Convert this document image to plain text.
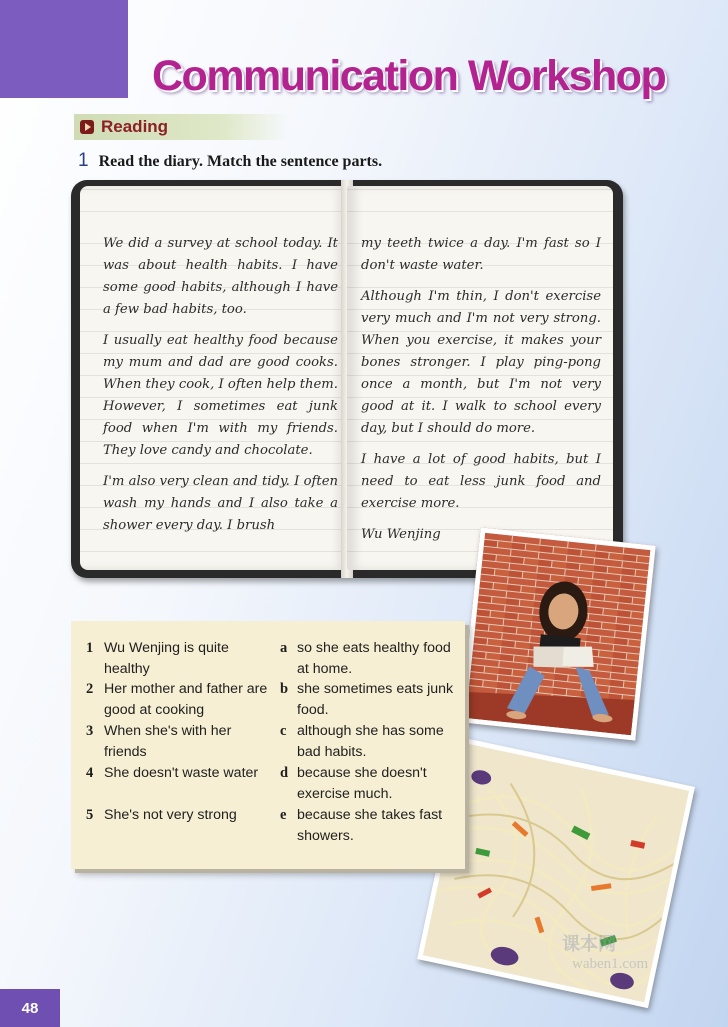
Communication Workshop
Reading
1 Read the diary. Match the sentence parts.

We did a survey at school today. It was about health habits. I have some good habits, although I have a few bad habits, too.

I usually eat healthy food because my mum and dad are good cooks. When they cook, I often help them. However, I sometimes eat junk food when I'm with my friends. They love candy and chocolate.

I'm also very clean and tidy. I often wash my hands and I also take a shower every day. I brush

my teeth twice a day. I'm fast so I don't waste water.

Although I'm thin, I don't exercise very much and I'm not very strong. When you exercise, it makes your bones stronger. I play ping-pong once a month, but I'm not very good at it. I walk to school every day, but I should do more.

I have a lot of good habits, but I need to eat less junk food and exercise more.

Wu Wenjing

1 Wu Wenjing is quite healthy
a so she eats healthy food at home.
2 Her mother and father are good at cooking
b she sometimes eats junk food.
3 When she's with her friends
c although she has some bad habits.
4 She doesn't waste water	d because she doesn't exercise much.
5 She's not very strong	e because she takes fast showers.
课本网
waben1.com
48
